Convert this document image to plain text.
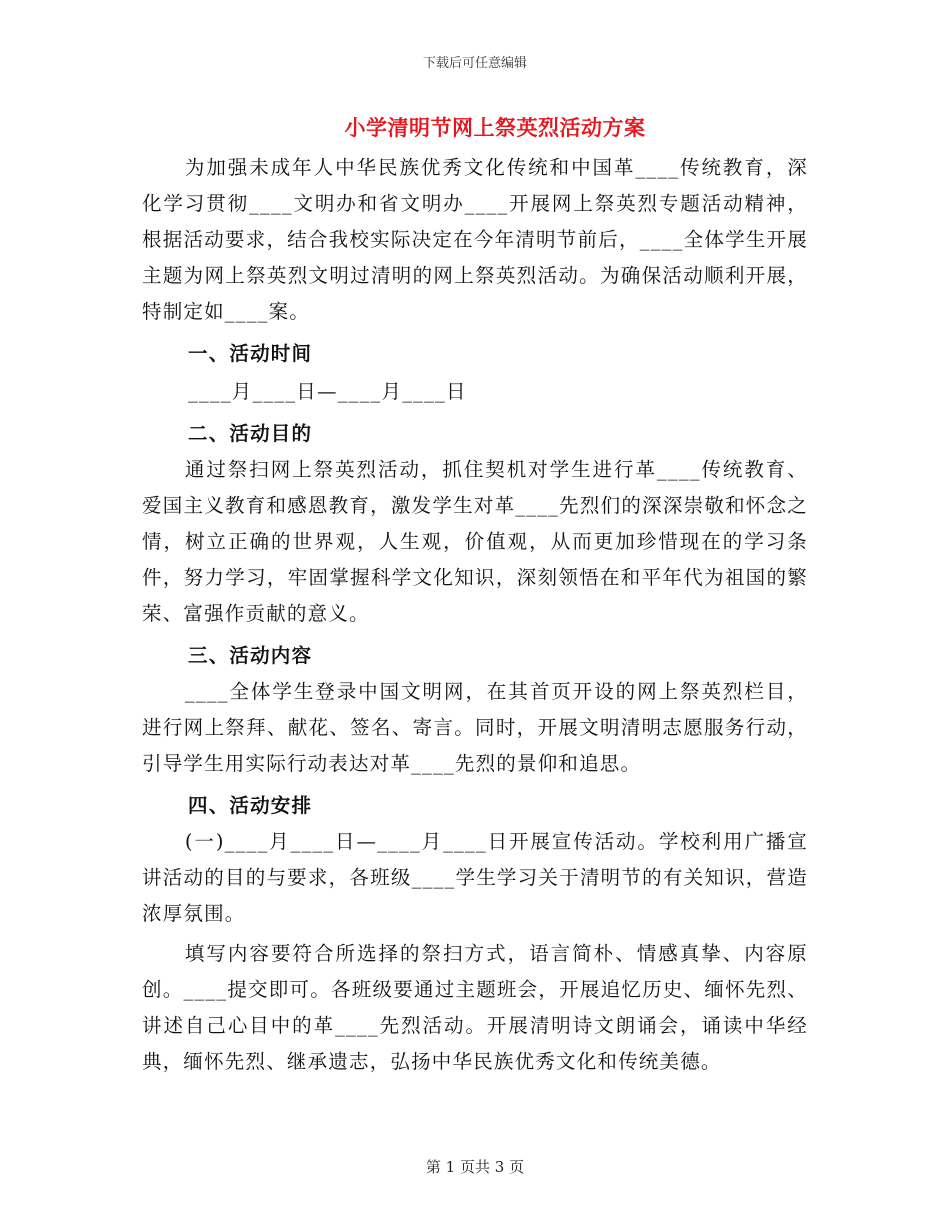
下载后可任意编辑
小学清明节网上祭英烈活动方案

为加强未成年人中华民族优秀文化传统和中国革____传统教育，深化学习贯彻____文明办和省文明办____开展网上祭英烈专题活动精神，根据活动要求，结合我校实际决定在今年清明节前后，____全体学生开展主题为网上祭英烈文明过清明的网上祭英烈活动。为确保活动顺利开展，特制定如____案。

一、活动时间

____月____日—____月____日

二、活动目的

通过祭扫网上祭英烈活动，抓住契机对学生进行革____传统教育、爱国主义教育和感恩教育，激发学生对革____先烈们的深深崇敬和怀念之情，树立正确的世界观，人生观，价值观，从而更加珍惜现在的学习条件，努力学习，牢固掌握科学文化知识，深刻领悟在和平年代为祖国的繁荣、富强作贡献的意义。

三、活动内容

____全体学生登录中国文明网，在其首页开设的网上祭英烈栏目，进行网上祭拜、献花、签名、寄言。同时，开展文明清明志愿服务行动，引导学生用实际行动表达对革____先烈的景仰和追思。

四、活动安排

(一)____月____日—____月____日开展宣传活动。学校利用广播宣讲活动的目的与要求，各班级____学生学习关于清明节的有关知识，营造浓厚氛围。

填写内容要符合所选择的祭扫方式，语言简朴、情感真挚、内容原创。____提交即可。各班级要通过主题班会，开展追忆历史、缅怀先烈、讲述自己心目中的革____先烈活动。开展清明诗文朗诵会，诵读中华经典，缅怀先烈、继承遗志，弘扬中华民族优秀文化和传统美德。

第 1 页共 3 页
